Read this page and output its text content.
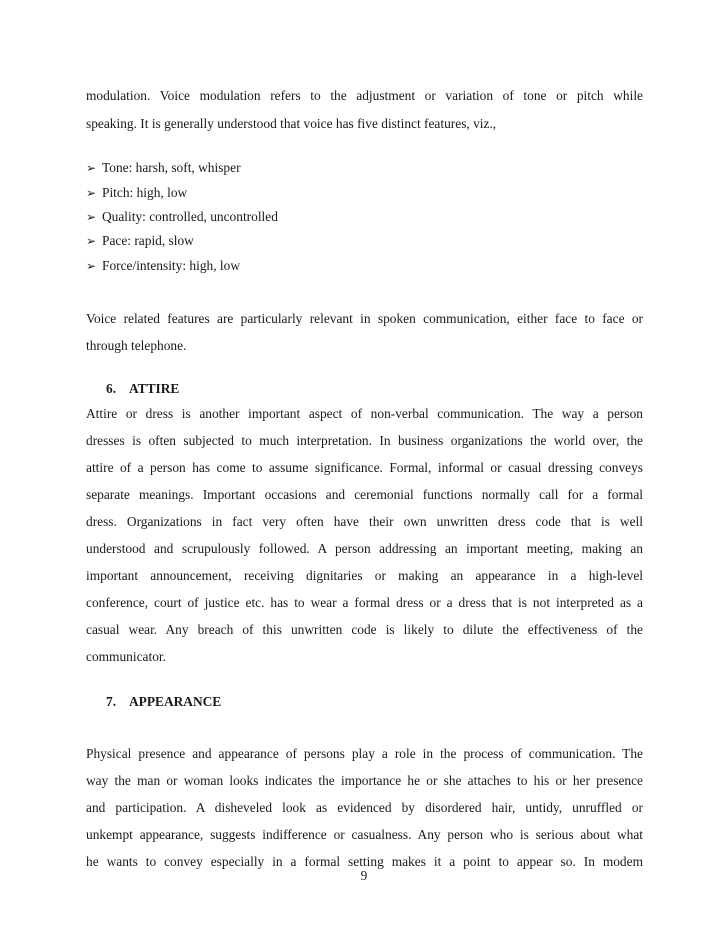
modulation. Voice modulation refers to the adjustment or variation of tone or pitch while
speaking. It is generally understood that voice has five distinct features, viz.,
➢ Tone: harsh, soft, whisper
➢ Pitch: high, low
➢ Quality: controlled, uncontrolled
➢ Pace: rapid, slow
➢ Force/intensity: high, low
Voice related features are particularly relevant in spoken communication, either face to face or
through telephone.
6. ATTIRE
Attire or dress is another important aspect of non-verbal communication. The way a person
dresses is often subjected to much interpretation. In business organizations the world over, the
attire of a person has come to assume significance. Formal, informal or casual dressing conveys
separate meanings. Important occasions and ceremonial functions normally call for a formal
dress. Organizations in fact very often have their own unwritten dress code that is well
understood and scrupulously followed. A person addressing an important meeting, making an
important announcement, receiving dignitaries or making an appearance in a high-level
conference, court of justice etc. has to wear a formal dress or a dress that is not interpreted as a
casual wear. Any breach of this unwritten code is likely to dilute the effectiveness of the
communicator.
7. APPEARANCE
Physical presence and appearance of persons play a role in the process of communication. The
way the man or woman looks indicates the importance he or she attaches to his or her presence
and participation. A disheveled look as evidenced by disordered hair, untidy, unruffled or
unkempt appearance, suggests indifference or casualness. Any person who is serious about what
he wants to convey especially in a formal setting makes it a point to appear so. In modem
9
